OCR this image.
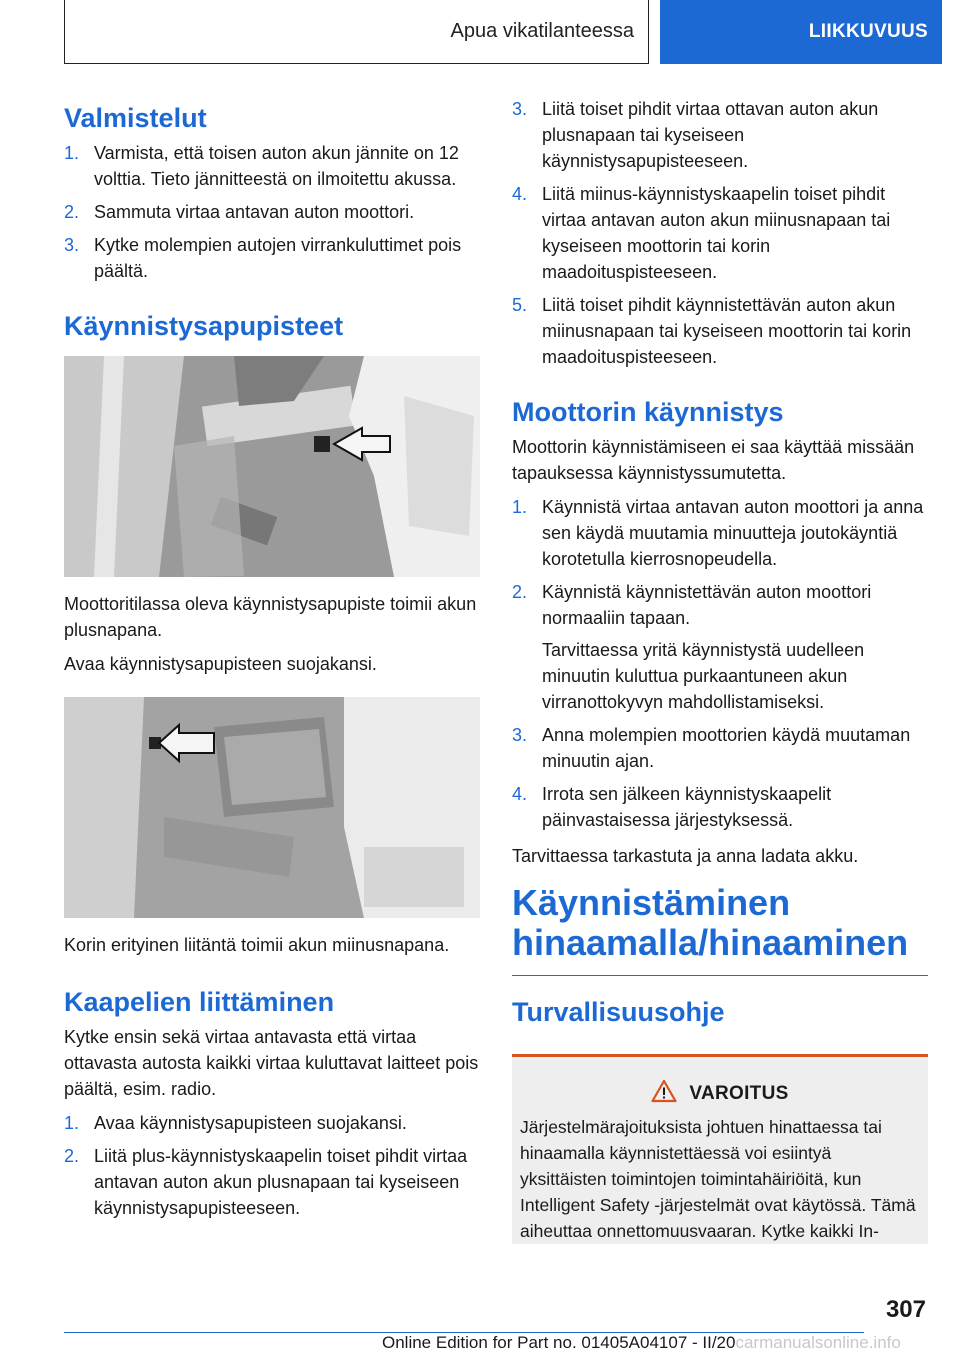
Apua vikatilanteessa	LIIKKUVUUS
Valmistelut
1. Varmista, että toisen auton akun jännite on 12 volttia. Tieto jännitteestä on ilmoitettu akussa.
2. Sammuta virtaa antavan auton moottori.
3. Kytke molempien autojen virrankuluttimet pois päältä.
Käynnistysapupisteet

Moottoritilassa oleva käynnistysapupiste toimii akun plusnapana.

Avaa käynnistysapupisteen suojakansi.

Korin erityinen liitäntä toimii akun miinusnapana.

Kaapelien liittäminen

Kytke ensin sekä virtaa antavasta että virtaa ottavasta autosta kaikki virtaa kuluttavat laitteet pois päältä, esim. radio.

1. Avaa käynnistysapupisteen suojakansi.
2. Liitä plus-käynnistyskaapelin toiset pihdit virtaa antavan auton akun plusnapaan tai kyseiseen käynnistysapupisteeseen.
3. Liitä toiset pihdit virtaa ottavan auton akun plusnapaan tai kyseiseen käynnistysapupisteeseen.
4. Liitä miinus-käynnistyskaapelin toiset pihdit virtaa antavan auton akun miinusnapaan tai kyseiseen moottorin tai korin maadoituspisteeseen.
5. Liitä toiset pihdit käynnistettävän auton akun miinusnapaan tai kyseiseen moottorin tai korin maadoituspisteeseen.
Moottorin käynnistys

Moottorin käynnistämiseen ei saa käyttää missään tapauksessa käynnistyssumutetta.

1. Käynnistä virtaa antavan auton moottori ja anna sen käydä muutamia minuutteja joutokäyntiä korotetulla kierrosnopeudella.
2. Käynnistä käynnistettävän auton moottori normaaliin tapaan.
Tarvittaessa yritä käynnistystä uudelleen minuutin kuluttua purkaantuneen akun virranottokyvyn mahdollistamiseksi.
3. Anna molempien moottorien käydä muutaman minuutin ajan.
4. Irrota sen jälkeen käynnistyskaapelit päinvastaisessa järjestyksessä.

Tarvittaessa tarkastuta ja anna ladata akku.

Käynnistäminen hinaamalla/hinaaminen
Turvallisuusohje
VAROITUS

Järjestelmärajoituksista johtuen hinattaessa tai hinaamalla käynnistettäessä voi esiintyä yksittäisten toimintojen toimintahäiriöitä, kun Intelligent Safety -järjestelmät ovat käytössä. Tämä aiheuttaa onnettomuusvaaran. Kytke kaikki In-

307
Online Edition for Part no. 01405A04107 - II/20carmanualsonline.info
